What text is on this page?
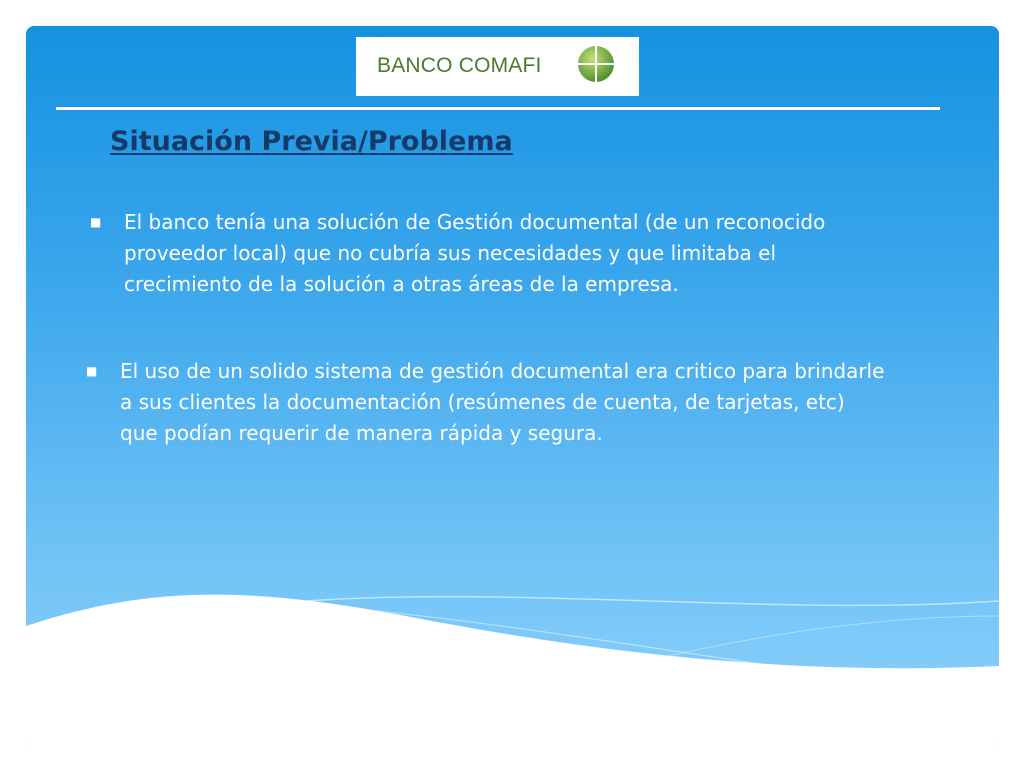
BANCO COMAFI
Situación Previa/Problema
■ El banco tenía una solución de Gestión documental (de un reconocido proveedor local) que no cubría sus necesidades y que limitaba el crecimiento de la solución a otras áreas de la empresa.
■ El uso de un solido sistema de gestión documental era critico para brindarle a sus clientes la documentación (resúmenes de cuenta, de tarjetas, etc) que podían requerir de manera rápida y segura.
